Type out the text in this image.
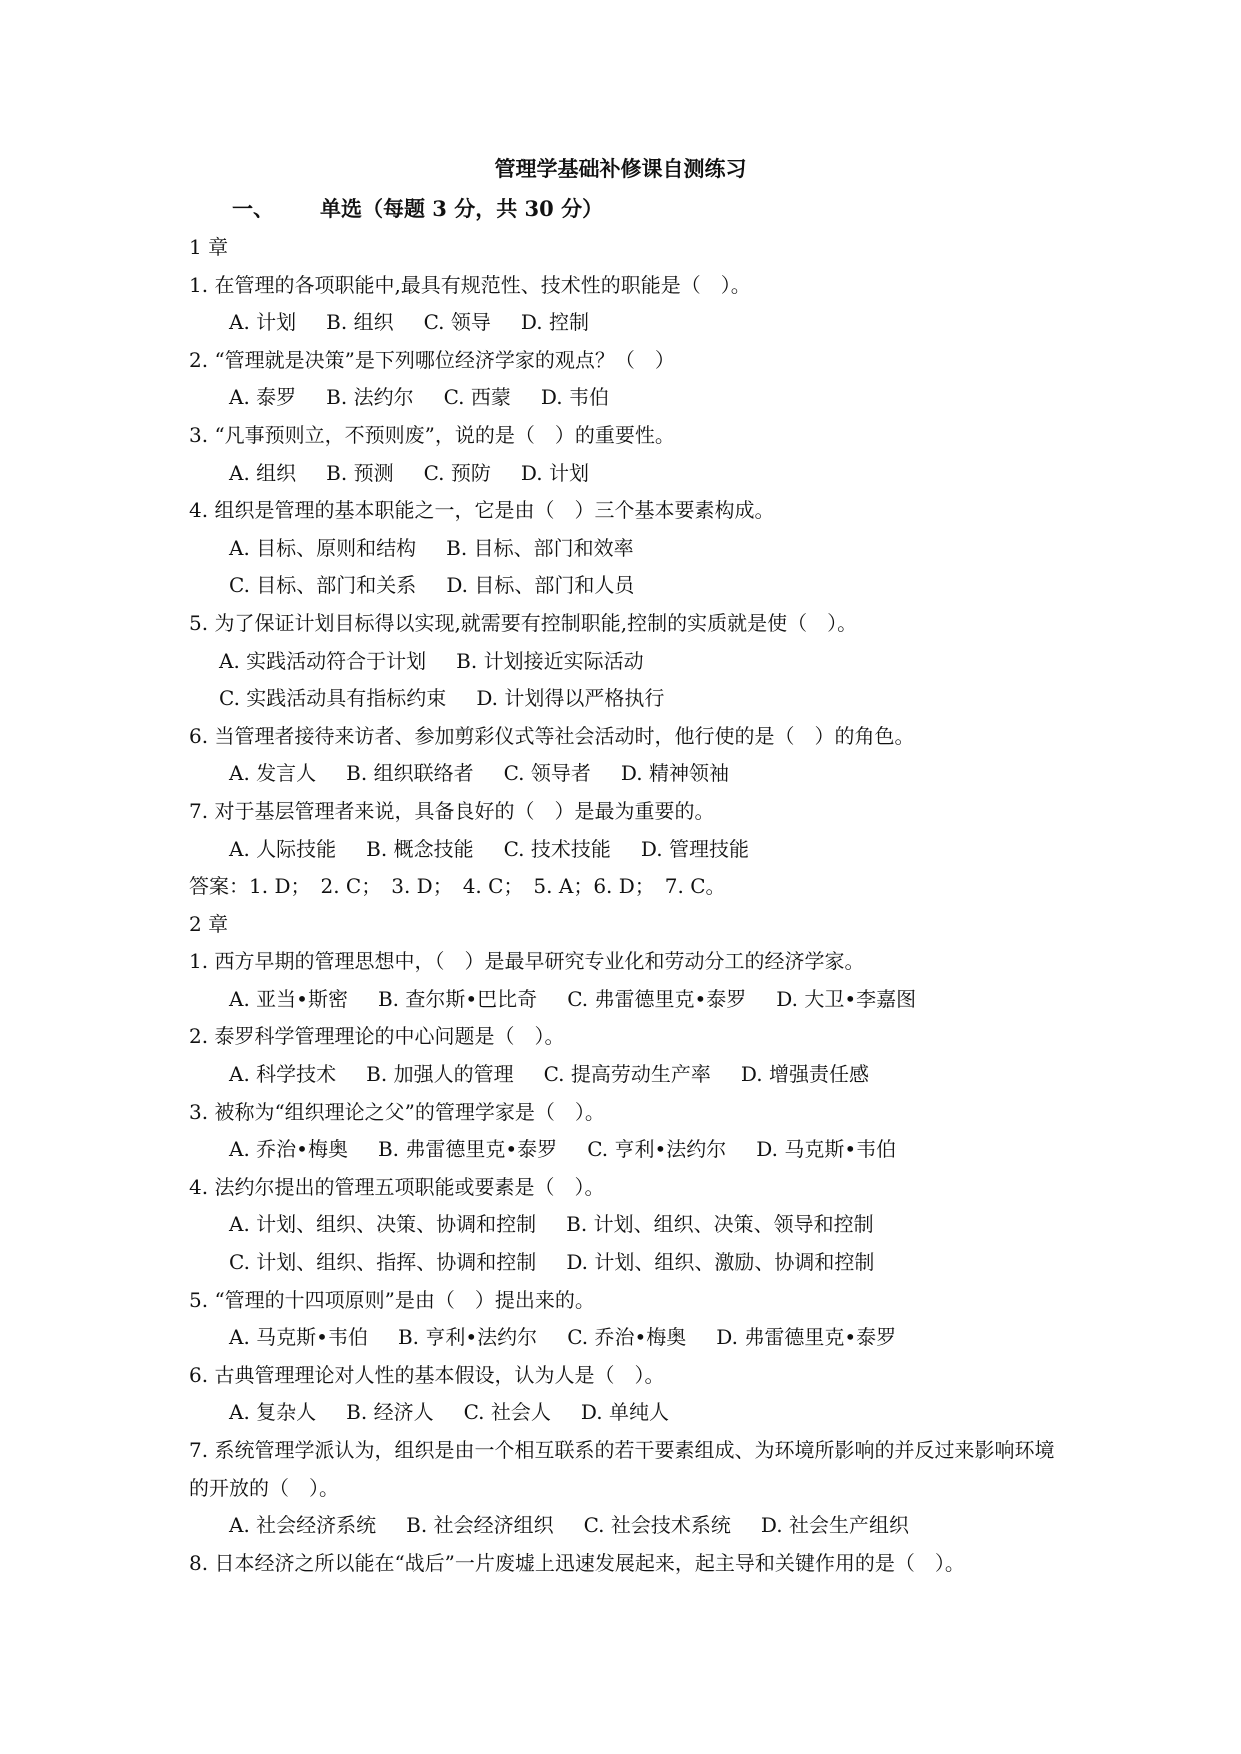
管理学基础补修课自测练习
一、 单选（每题 3 分，共 30 分）
1 章
1. 在管理的各项职能中,最具有规范性、技术性的职能是（　）。
A. 计划 B. 组织 C. 领导 D. 控制
2. “管理就是决策”是下列哪位经济学家的观点？（　）
A. 泰罗 B. 法约尔 C. 西蒙 D. 韦伯
3. “凡事预则立，不预则废”，说的是（　）的重要性。
A. 组织 B. 预测 C. 预防 D. 计划
4. 组织是管理的基本职能之一，它是由（　）三个基本要素构成。
A. 目标、原则和结构 B. 目标、部门和效率
C. 目标、部门和关系 D. 目标、部门和人员
5. 为了保证计划目标得以实现,就需要有控制职能,控制的实质就是使（　）。
A. 实践活动符合于计划 B. 计划接近实际活动
C. 实践活动具有指标约束 D. 计划得以严格执行
6. 当管理者接待来访者、参加剪彩仪式等社会活动时，他行使的是（　）的角色。
A. 发言人 B. 组织联络者 C. 领导者 D. 精神领袖
7. 对于基层管理者来说，具备良好的（　）是最为重要的。
A. 人际技能 B. 概念技能 C. 技术技能 D. 管理技能
答案：1. D；　2. C；　3. D；　4. C；　5. A；6. D；　7. C。
2 章
1. 西方早期的管理思想中，（　）是最早研究专业化和劳动分工的经济学家。
A. 亚当•斯密 B. 查尔斯•巴比奇 C. 弗雷德里克•泰罗 D. 大卫•李嘉图
2. 泰罗科学管理理论的中心问题是（　）。
A. 科学技术 B. 加强人的管理 C. 提高劳动生产率 D. 增强责任感
3. 被称为“组织理论之父”的管理学家是（　）。
A. 乔治•梅奥 B. 弗雷德里克•泰罗 C. 亨利•法约尔 D. 马克斯•韦伯
4. 法约尔提出的管理五项职能或要素是（　）。
A. 计划、组织、决策、协调和控制 B. 计划、组织、决策、领导和控制
C. 计划、组织、指挥、协调和控制 D. 计划、组织、激励、协调和控制
5. “管理的十四项原则”是由（　）提出来的。
A. 马克斯•韦伯 B. 亨利•法约尔 C. 乔治•梅奥 D. 弗雷德里克•泰罗
6. 古典管理理论对人性的基本假设，认为人是（　）。
A. 复杂人 B. 经济人 C. 社会人 D. 单纯人
7. 系统管理学派认为，组织是由一个相互联系的若干要素组成、为环境所影响的并反过来影响环境的开放的（　）。
A. 社会经济系统 B. 社会经济组织 C. 社会技术系统 D. 社会生产组织
8. 日本经济之所以能在“战后”一片废墟上迅速发展起来，起主导和关键作用的是（　）。
